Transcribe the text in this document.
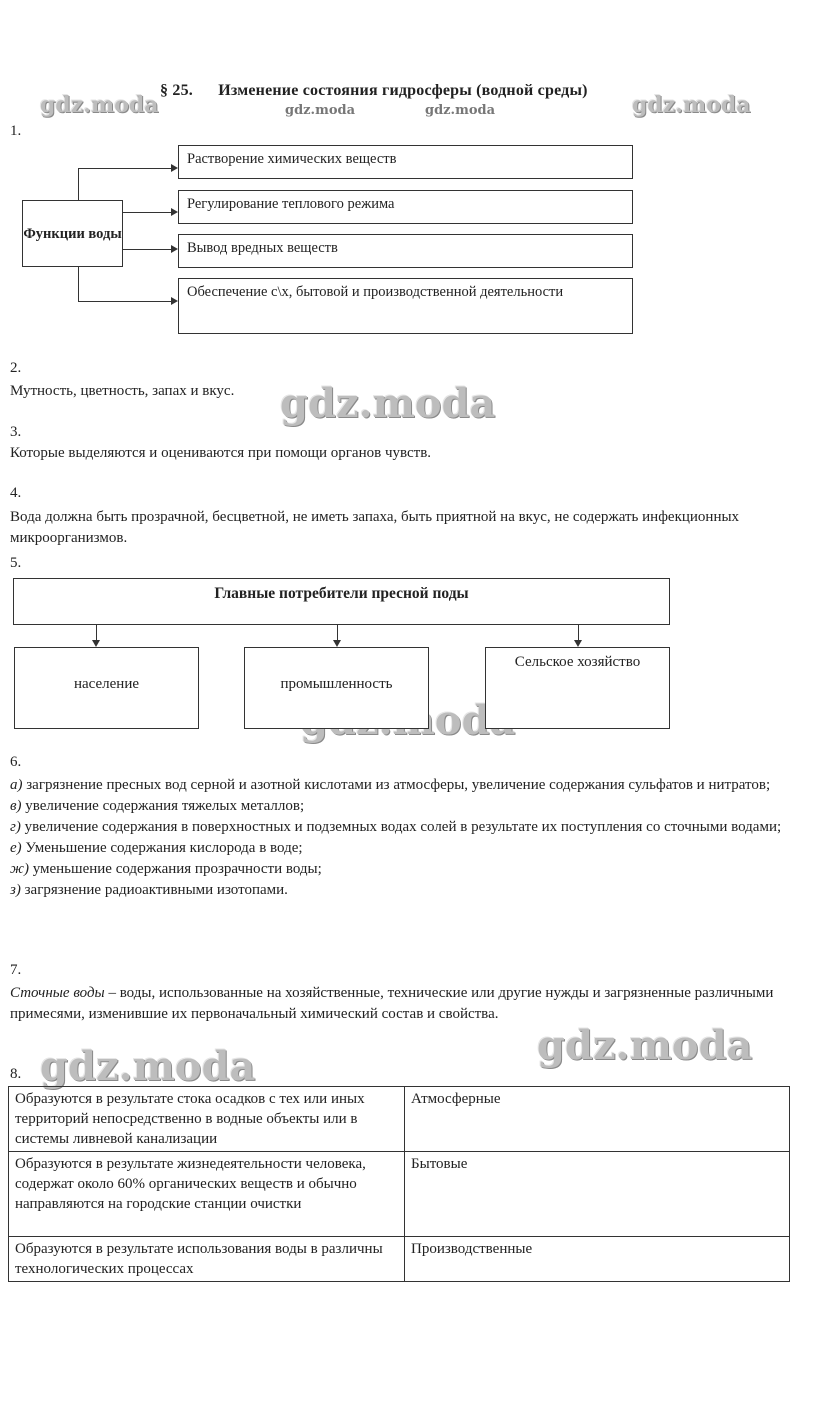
§ 25. Изменение состояния гидросферы (водной среды)
gdz.moda	gdz.moda
gdz.moda	gdz.moda
gdz.moda
gdz.moda	gdz.moda
1.
Функции воды
Растворение химических веществ
Регулирование теплового режима
Вывод вредных веществ
Обеспечение с\х, бытовой и производственной деятельности
2.
Мутность, цветность, запах и вкус.
3.
Которые выделяются и оцениваются при помощи органов чувств.
4.
Вода должна быть прозрачной, бесцветной, не иметь запаха, быть приятной на вкус, не содержать инфекционных микроорганизмов.
5.
Главные потребители пресной поды
население	промышленность
Сельское хозяйство
6.
а) загрязнение пресных вод серной и азотной кислотами из атмосферы, увеличение содержания сульфатов и нитратов;
в) увеличение содержания тяжелых металлов;
г) увеличение содержания в поверхностных и подземных водах солей в результате их поступления со сточными водами;
е) Уменьшение содержания кислорода в воде;
ж) уменьшение содержания прозрачности воды;
з) загрязнение радиоактивными изотопами.
7.
Сточные воды – воды, использованные на хозяйственные, технические или другие нужды и загрязненные различными примесями, изменившие их первоначальный химический состав и свойства.
8.
Образуются в результате стока осадков с тех или иных территорий непосредственно в водные объекты или в системы ливневой канализации	Атмосферные
Образуются в результате жизнедеятельности человека, содержат около 60% органических веществ и обычно направляются на городские станции очистки	Бытовые
Образуются в результате использования воды в различны технологических процессах	Производственные
